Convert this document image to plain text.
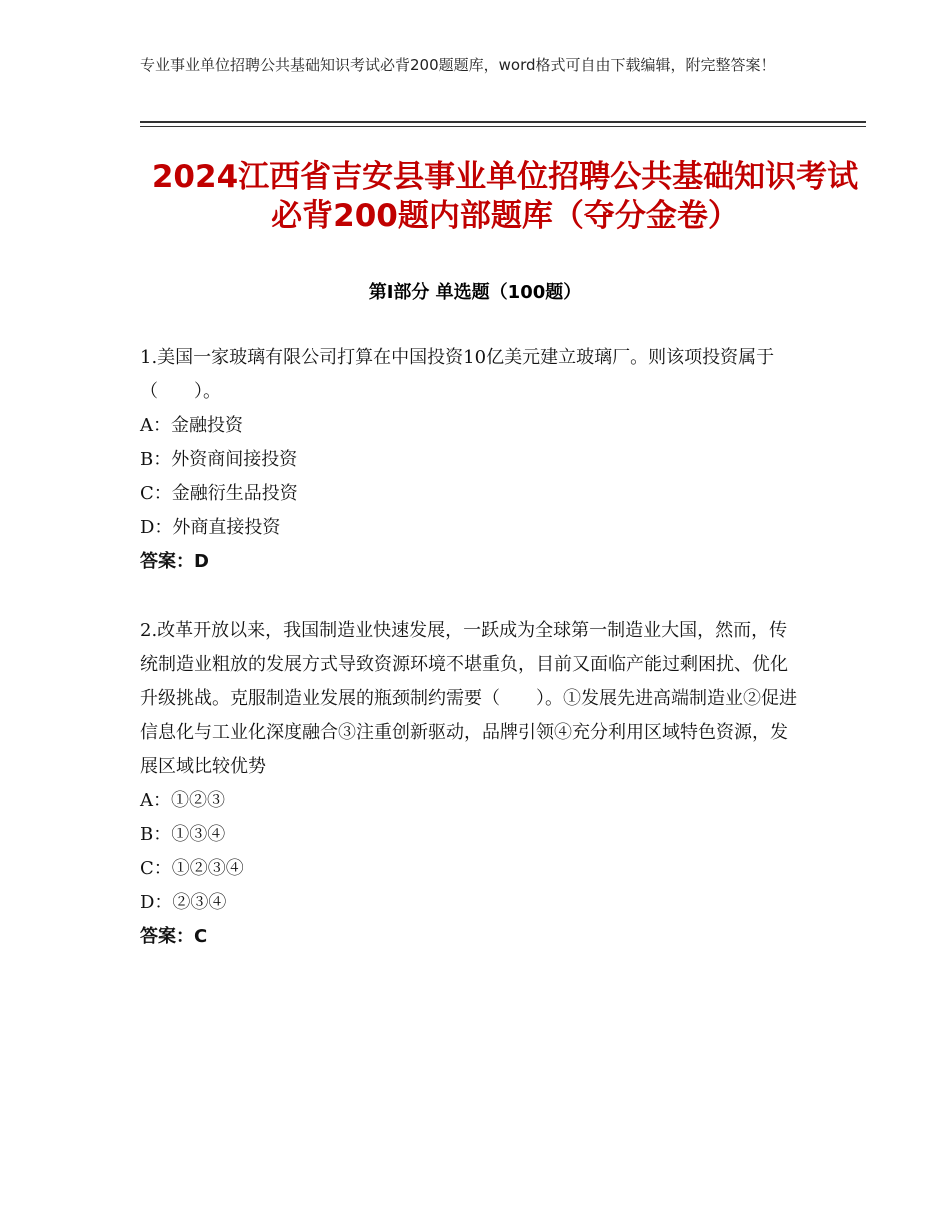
专业事业单位招聘公共基础知识考试必背200题题库，word格式可自由下载编辑，附完整答案！
2024江西省吉安县事业单位招聘公共基础知识考试必背200题内部题库（夺分金卷）
第Ⅰ部分 单选题（100题）

1.美国一家玻璃有限公司打算在中国投资10亿美元建立玻璃厂。则该项投资属于（　　）。

A：金融投资

B：外资商间接投资

C：金融衍生品投资

D：外商直接投资

答案：D

2.改革开放以来，我国制造业快速发展，一跃成为全球第一制造业大国，然而，传统制造业粗放的发展方式导致资源环境不堪重负，目前又面临产能过剩困扰、优化升级挑战。克服制造业发展的瓶颈制约需要（　　）。①发展先进高端制造业②促进信息化与工业化深度融合③注重创新驱动，品牌引领④充分利用区域特色资源，发展区域比较优势

A：①②③

B：①③④

C：①②③④

D：②③④

答案：C
